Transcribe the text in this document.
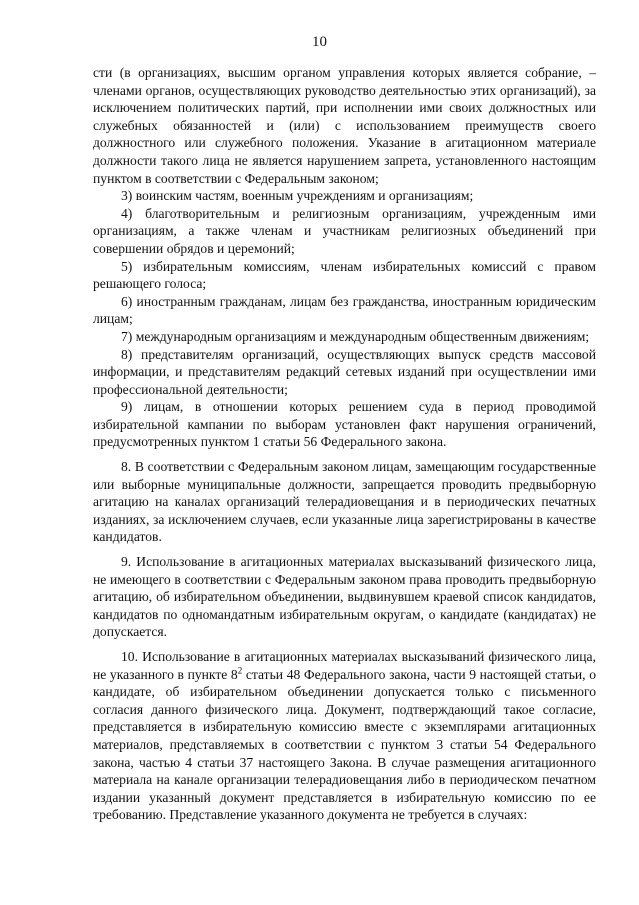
10

сти (в организациях, высшим органом управления которых является собрание, – членами органов, осуществляющих руководство деятельностью этих организаций), за исключением политических партий, при исполнении ими своих должностных или служебных обязанностей и (или) с использованием преимуществ своего должностного или служебного положения. Указание в агитационном материале должности такого лица не является нарушением запрета, установленного настоящим пунктом в соответствии с Федеральным законом;

3) воинским частям, военным учреждениям и организациям;

4) благотворительным и религиозным организациям, учрежденным ими организациям, а также членам и участникам религиозных объединений при совершении обрядов и церемоний;

5) избирательным комиссиям, членам избирательных комиссий с правом решающего голоса;

6) иностранным гражданам, лицам без гражданства, иностранным юридическим лицам;

7) международным организациям и международным общественным движениям;

8) представителям организаций, осуществляющих выпуск средств массовой информации, и представителям редакций сетевых изданий при осуществлении ими профессиональной деятельности;

9) лицам, в отношении которых решением суда в период проводимой избирательной кампании по выборам установлен факт нарушения ограничений, предусмотренных пунктом 1 статьи 56 Федерального закона.

8. В соответствии с Федеральным законом лицам, замещающим государственные или выборные муниципальные должности, запрещается проводить предвыборную агитацию на каналах организаций телерадиовещания и в периодических печатных изданиях, за исключением случаев, если указанные лица зарегистрированы в качестве кандидатов.

9. Использование в агитационных материалах высказываний физического лица, не имеющего в соответствии с Федеральным законом права проводить предвыборную агитацию, об избирательном объединении, выдвинувшем краевой список кандидатов, кандидатов по одномандатным избирательным округам, о кандидате (кандидатах) не допускается.

10. Использование в агитационных материалах высказываний физического лица, не указанного в пункте $8^2$ статьи 48 Федерального закона, части 9 настоящей статьи, о кандидате, об избирательном объединении допускается только с письменного согласия данного физического лица. Документ, подтверждающий такое согласие, представляется в избирательную комиссию вместе с экземплярами агитационных материалов, представляемых в соответствии с пунктом 3 статьи 54 Федерального закона, частью 4 статьи 37 настоящего Закона. В случае размещения агитационного материала на канале организации телерадиовещания либо в периодическом печатном издании указанный документ представляется в избирательную комиссию по ее требованию. Представление указанного документа не требуется в случаях:
